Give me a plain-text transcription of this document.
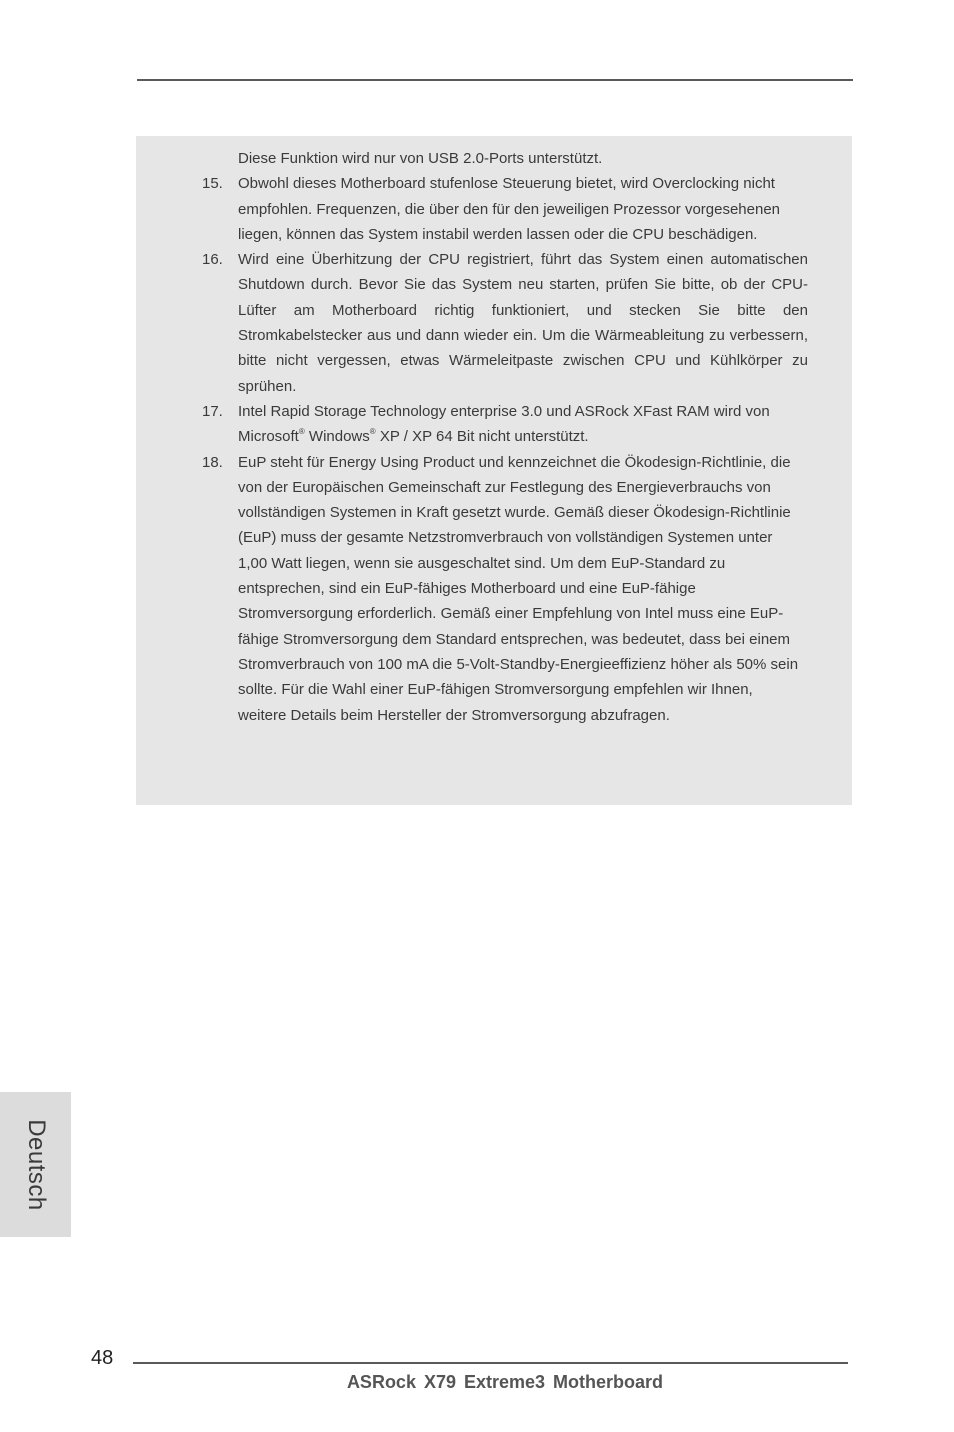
Diese Funktion wird nur von USB 2.0-Ports unterstützt.
15.	Obwohl dieses Motherboard stufenlose Steuerung bietet, wird Overclocking nicht empfohlen. Frequenzen, die über den für den jeweiligen Prozessor vorgesehenen liegen, können das System instabil werden lassen oder die CPU beschädigen.
16.	Wird eine Überhitzung der CPU registriert, führt das System einen automatischen Shutdown durch. Bevor Sie das System neu starten, prüfen Sie bitte, ob der CPU-Lüfter am Motherboard richtig funktioniert, und stecken Sie bitte den Stromkabelstecker aus und dann wieder ein. Um die Wärmeableitung zu verbessern, bitte nicht vergessen, etwas Wärmeleitpaste zwischen CPU und Kühlkörper zu sprühen.
17.	Intel Rapid Storage Technology enterprise 3.0 und ASRock XFast RAM wird von Microsoft® Windows® XP / XP 64 Bit nicht unterstützt.
18.	EuP steht für Energy Using Product und kennzeichnet die Ökodesign-Richtlinie, die von der Europäischen Gemeinschaft zur Festlegung des Energieverbrauchs von vollständigen Systemen in Kraft gesetzt wurde. Gemäß dieser Ökodesign-Richtlinie (EuP) muss der gesamte Netzstromverbrauch von vollständigen Systemen unter 1,00 Watt liegen, wenn sie ausgeschaltet sind. Um dem EuP-Standard zu entsprechen, sind ein EuP-fähiges Motherboard und eine EuP-fähige Stromversorgung erforderlich. Gemäß einer Empfehlung von Intel muss eine EuP-fähige Stromversorgung dem Standard entsprechen, was bedeutet, dass bei einem Stromverbrauch von 100 mA die 5-Volt-Standby-Energieeffizienz höher als 50% sein sollte. Für die Wahl einer EuP-fähigen Stromversorgung empfehlen wir Ihnen, weitere Details beim Hersteller der Stromversorgung abzufragen.
Deutsch
48
ASRock X79 Extreme3 Motherboard
